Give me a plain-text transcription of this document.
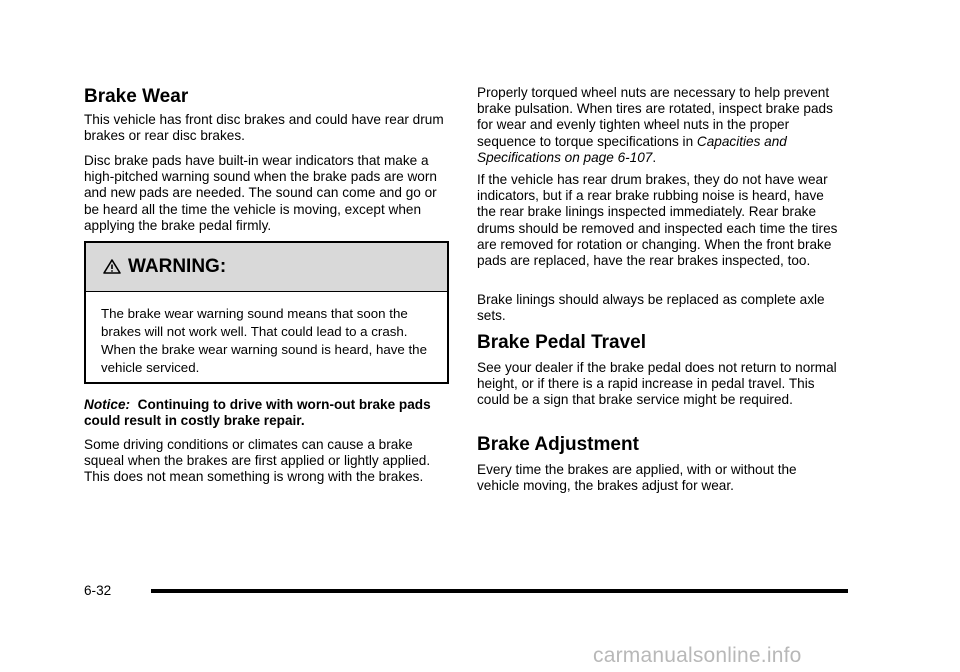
Brake Wear

This vehicle has front disc brakes and could have rear drum brakes or rear disc brakes.

Disc brake pads have built-in wear indicators that make a high-pitched warning sound when the brake pads are worn and new pads are needed. The sound can come and go or be heard all the time the vehicle is moving, except when applying the brake pedal firmly.

WARNING:

The brake wear warning sound means that soon the brakes will not work well. That could lead to a crash. When the brake wear warning sound is heard, have the vehicle serviced.

Notice: Continuing to drive with worn-out brake pads could result in costly brake repair.

Some driving conditions or climates can cause a brake squeal when the brakes are first applied or lightly applied. This does not mean something is wrong with the brakes.

Properly torqued wheel nuts are necessary to help prevent brake pulsation. When tires are rotated, inspect brake pads for wear and evenly tighten wheel nuts in the proper sequence to torque specifications in Capacities and Specifications on page 6-107.

If the vehicle has rear drum brakes, they do not have wear indicators, but if a rear brake rubbing noise is heard, have the rear brake linings inspected immediately. Rear brake drums should be removed and inspected each time the tires are removed for rotation or changing. When the front brake pads are replaced, have the rear brakes inspected, too.

Brake linings should always be replaced as complete axle sets.

Brake Pedal Travel

See your dealer if the brake pedal does not return to normal height, or if there is a rapid increase in pedal travel. This could be a sign that brake service might be required.

Brake Adjustment

Every time the brakes are applied, with or without the vehicle moving, the brakes adjust for wear.

6-32
carmanualsonline.info
